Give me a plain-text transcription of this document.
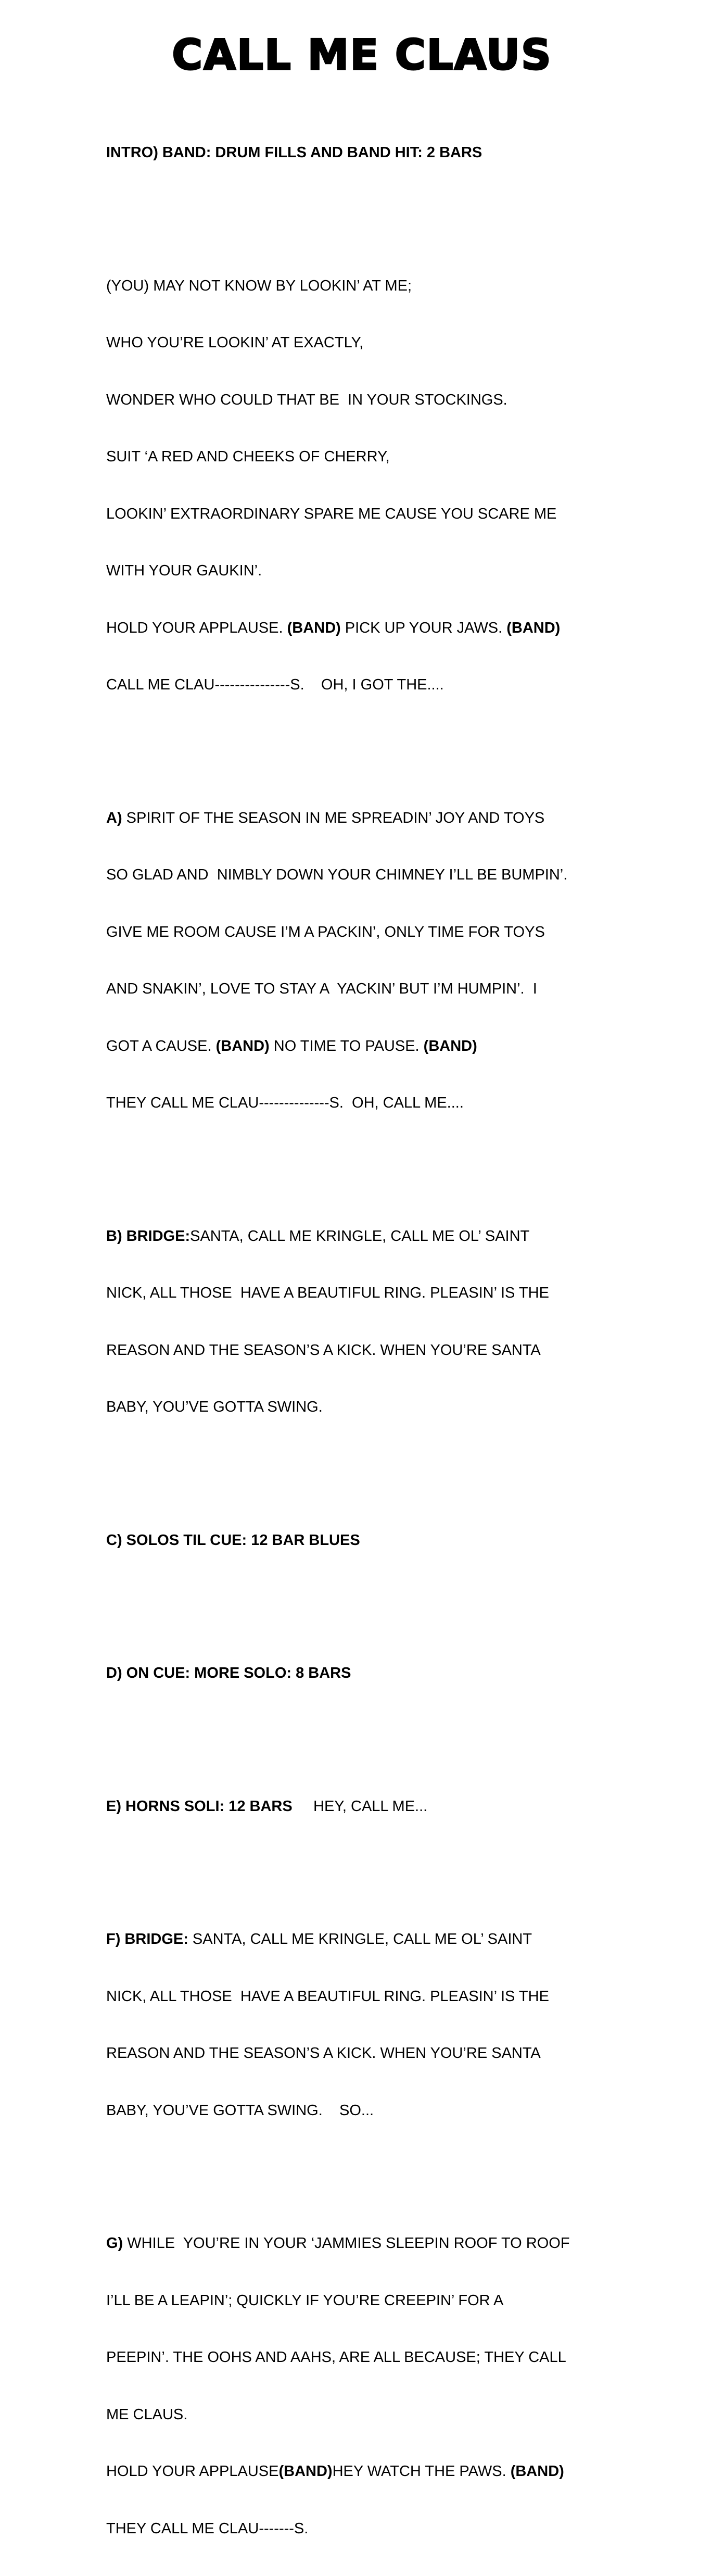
CALL ME CLAUS

INTRO) BAND: DRUM FILLS AND BAND HIT: 2 BARS

(YOU) MAY NOT KNOW BY LOOKIN’ AT ME;

WHO YOU’RE LOOKIN’ AT EXACTLY,

WONDER WHO COULD THAT BE  IN YOUR STOCKINGS.

SUIT ‘A RED AND CHEEKS OF CHERRY,

LOOKIN’ EXTRAORDINARY SPARE ME CAUSE YOU SCARE ME

WITH YOUR GAUKIN’.

HOLD YOUR APPLAUSE. (BAND) PICK UP YOUR JAWS. (BAND)

CALL ME CLAU---------------S.    OH, I GOT THE....

A) SPIRIT OF THE SEASON IN ME SPREADIN’ JOY AND TOYS

SO GLAD AND  NIMBLY DOWN YOUR CHIMNEY I’LL BE BUMPIN’.

GIVE ME ROOM CAUSE I’M A PACKIN’, ONLY TIME FOR TOYS

AND SNAKIN’, LOVE TO STAY A  YACKIN’ BUT I’M HUMPIN’.  I

GOT A CAUSE. (BAND) NO TIME TO PAUSE. (BAND)

THEY CALL ME CLAU--------------S.  OH, CALL ME....

B) BRIDGE:SANTA, CALL ME KRINGLE, CALL ME OL’ SAINT

NICK, ALL THOSE  HAVE A BEAUTIFUL RING. PLEASIN’ IS THE

REASON AND THE SEASON’S A KICK. WHEN YOU’RE SANTA

BABY, YOU’VE GOTTA SWING.

C) SOLOS TIL CUE: 12 BAR BLUES

D) ON CUE: MORE SOLO: 8 BARS

E) HORNS SOLI: 12 BARS     HEY, CALL ME...

F) BRIDGE: SANTA, CALL ME KRINGLE, CALL ME OL’ SAINT

NICK, ALL THOSE  HAVE A BEAUTIFUL RING. PLEASIN’ IS THE

REASON AND THE SEASON’S A KICK. WHEN YOU’RE SANTA

BABY, YOU’VE GOTTA SWING.    SO...

G) WHILE  YOU’RE IN YOUR ‘JAMMIES SLEEPIN ROOF TO ROOF

I’LL BE A LEAPIN’; QUICKLY IF YOU’RE CREEPIN’ FOR A

PEEPIN’. THE OOHS AND AAHS, ARE ALL BECAUSE; THEY CALL

ME CLAUS.

HOLD YOUR APPLAUSE(BAND)HEY WATCH THE PAWS. (BAND)

THEY CALL ME CLAU-------S.
